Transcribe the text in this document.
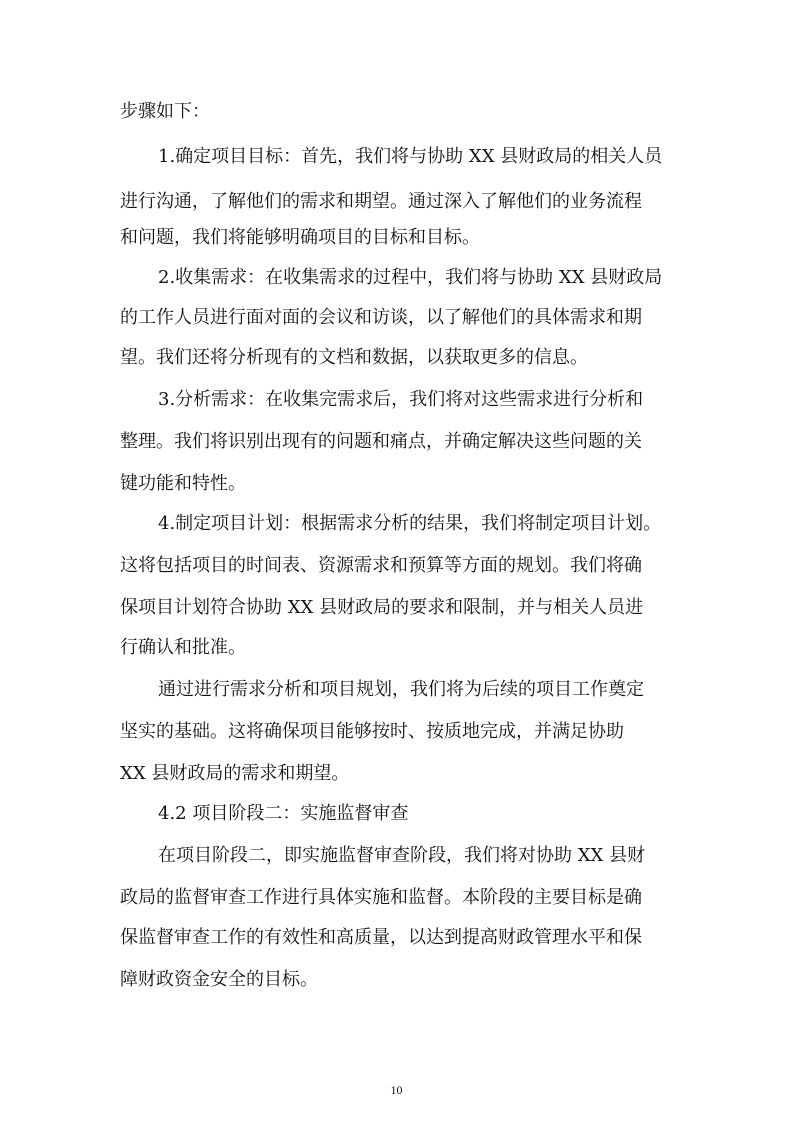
步骤如下：
1.确定项目目标：首先，我们将与协助 XX 县财政局的相关人员
进行沟通，了解他们的需求和期望。通过深入了解他们的业务流程
和问题，我们将能够明确项目的目标和目标。
2.收集需求：在收集需求的过程中，我们将与协助 XX 县财政局
的工作人员进行面对面的会议和访谈，以了解他们的具体需求和期
望。我们还将分析现有的文档和数据，以获取更多的信息。
3.分析需求：在收集完需求后，我们将对这些需求进行分析和
整理。我们将识别出现有的问题和痛点，并确定解决这些问题的关
键功能和特性。
4.制定项目计划：根据需求分析的结果，我们将制定项目计划。
这将包括项目的时间表、资源需求和预算等方面的规划。我们将确
保项目计划符合协助 XX 县财政局的要求和限制，并与相关人员进
行确认和批准。
通过进行需求分析和项目规划，我们将为后续的项目工作奠定
坚实的基础。这将确保项目能够按时、按质地完成，并满足协助
XX 县财政局的需求和期望。
4.2 项目阶段二：实施监督审查
在项目阶段二，即实施监督审查阶段，我们将对协助 XX 县财
政局的监督审查工作进行具体实施和监督。本阶段的主要目标是确
保监督审查工作的有效性和高质量，以达到提高财政管理水平和保
障财政资金安全的目标。
10
